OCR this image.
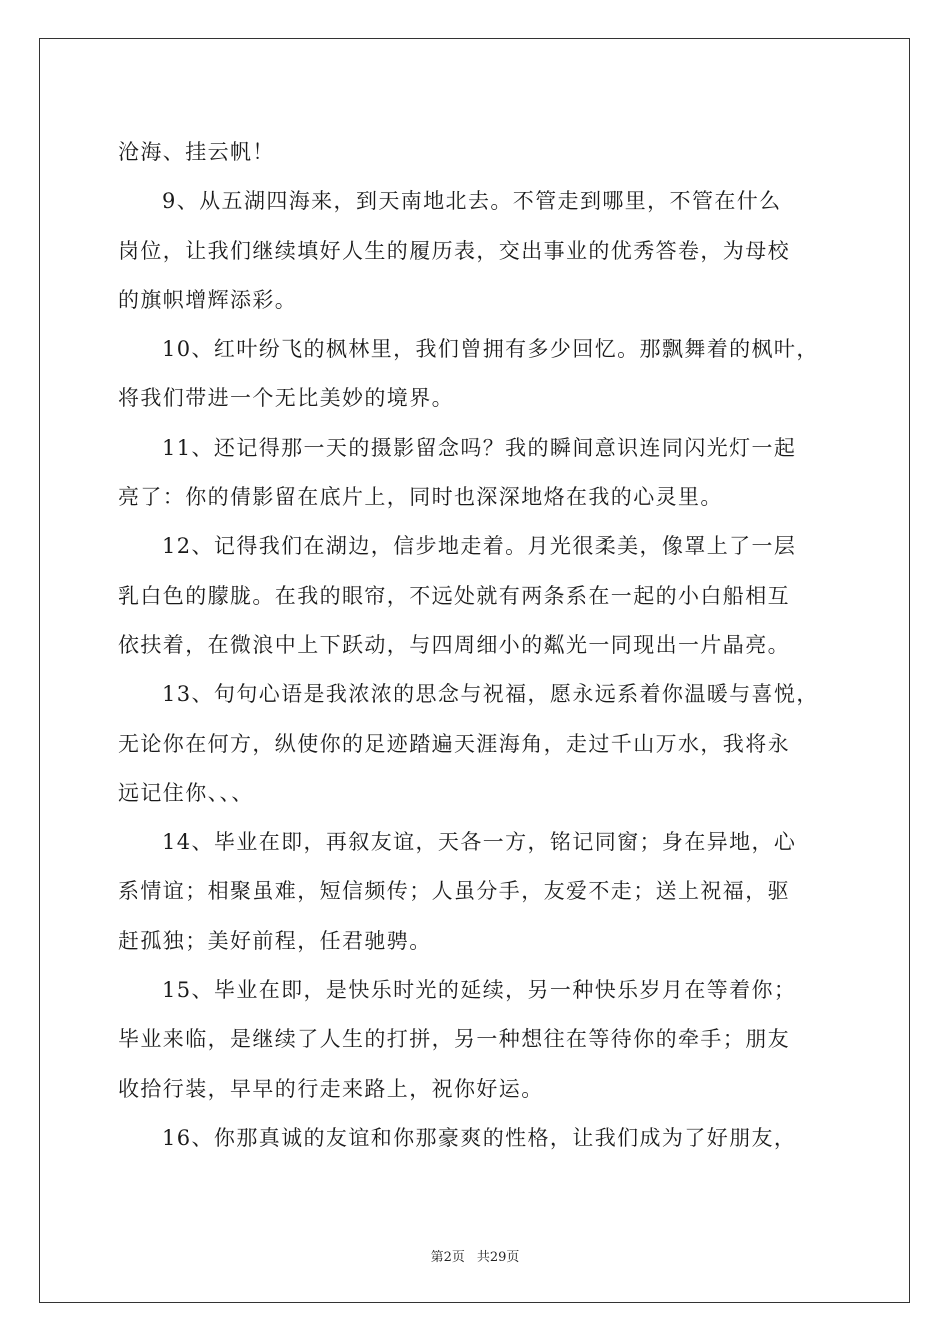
沧海、挂云帆！
9、从五湖四海来，到天南地北去。不管走到哪里，不管在什么
岗位，让我们继续填好人生的履历表，交出事业的优秀答卷，为母校
的旗帜增辉添彩。
10、红叶纷飞的枫林里，我们曾拥有多少回忆。那飘舞着的枫叶，
将我们带进一个无比美妙的境界。
11、还记得那一天的摄影留念吗？我的瞬间意识连同闪光灯一起
亮了：你的倩影留在底片上，同时也深深地烙在我的心灵里。
12、记得我们在湖边，信步地走着。月光很柔美，像罩上了一层
乳白色的朦胧。在我的眼帘，不远处就有两条系在一起的小白船相互
依扶着，在微浪中上下跃动，与四周细小的粼光一同现出一片晶亮。
13、句句心语是我浓浓的思念与祝福，愿永远系着你温暖与喜悦，
无论你在何方，纵使你的足迹踏遍天涯海角，走过千山万水，我将永
远记住你、、、
14、毕业在即，再叙友谊，天各一方，铭记同窗；身在异地，心
系情谊；相聚虽难，短信频传；人虽分手，友爱不走；送上祝福，驱
赶孤独；美好前程，任君驰骋。
15、毕业在即，是快乐时光的延续，另一种快乐岁月在等着你；
毕业来临，是继续了人生的打拼，另一种想往在等待你的牵手；朋友
收拾行装，早早的行走来路上，祝你好运。
16、你那真诚的友谊和你那豪爽的性格，让我们成为了好朋友，
第2页 共29页
